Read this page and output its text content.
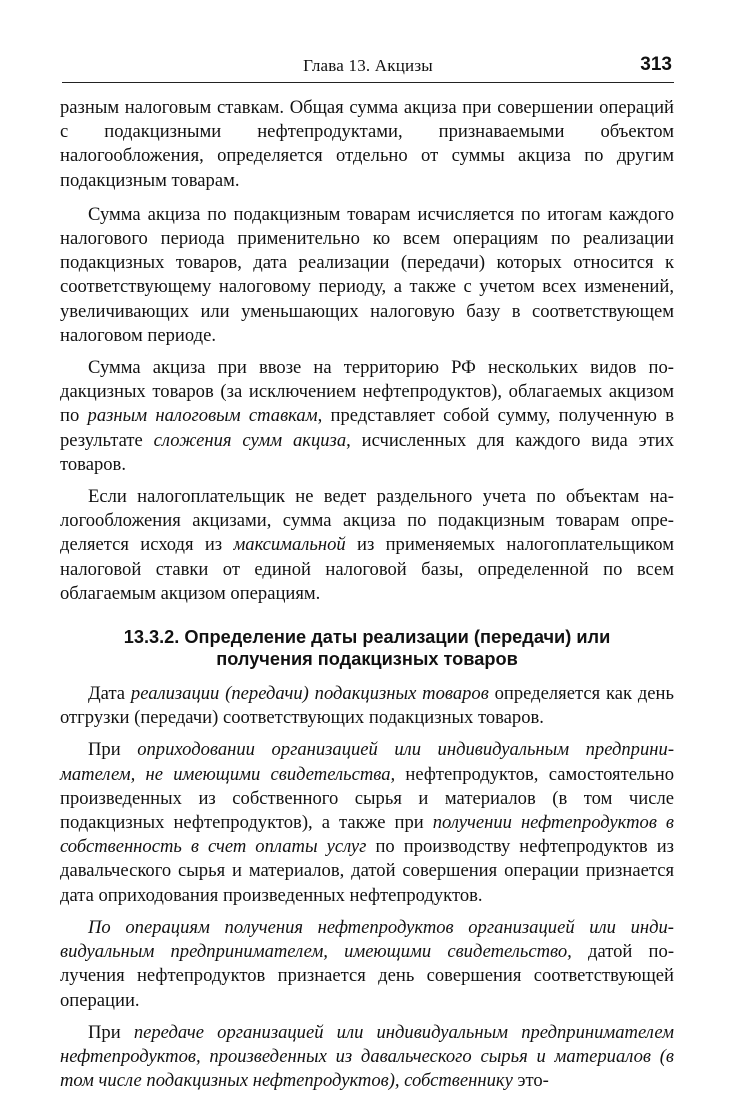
Глава 13. Акцизы	313

разным налоговым ставкам. Общая сумма акциза при совершении операций с подакцизными нефтепродуктами, признаваемыми объектом налогообложения, определяется отдельно от суммы акциза по другим подакцизным товарам.

Сумма акциза по подакцизным товарам исчисляется по итогам каждого налогового периода применительно ко всем операциям по реализации подакцизных товаров, дата реализации (передачи) которых относится к соответствующему налоговому периоду, а также с учетом всех изменений, увеличивающих или уменьшающих налоговую базу в соответствующем налоговом периоде.

Сумма акциза при ввозе на территорию РФ нескольких видов подакцизных товаров (за исключением нефтепродуктов), облагаемых акцизом по разным налоговым ставкам, представляет собой сумму, полученную в результате сложения сумм акциза, исчисленных для каждого вида этих товаров.

Если налогоплательщик не ведет раздельного учета по объектам налогообложения акцизами, сумма акциза по подакцизным товарам определяется исходя из максимальной из применяемых налогоплательщиком налоговой ставки от единой налоговой базы, определенной по всем облагаемым акцизом операциям.

13.3.2. Определение даты реализации (передачи) или получения подакцизных товаров

Дата реализации (передачи) подакцизных товаров определяется как день отгрузки (передачи) соответствующих подакцизных товаров.

При оприходовании организацией или индивидуальным предпринимателем, не имеющими свидетельства, нефтепродуктов, самостоятельно произведенных из собственного сырья и материалов (в том числе подакцизных нефтепродуктов), а также при получении нефтепродуктов в собственность в счет оплаты услуг по производству нефтепродуктов из давальческого сырья и материалов, датой совершения операции признается дата оприходования произведенных нефтепродуктов.

По операциям получения нефтепродуктов организацией или индивидуальным предпринимателем, имеющими свидетельство, датой получения нефтепродуктов признается день совершения соответствующей операции.

При передаче организацией или индивидуальным предпринимателем нефтепродуктов, произведенных из давальческого сырья и материалов (в том числе подакцизных нефтепродуктов), собственнику это-
